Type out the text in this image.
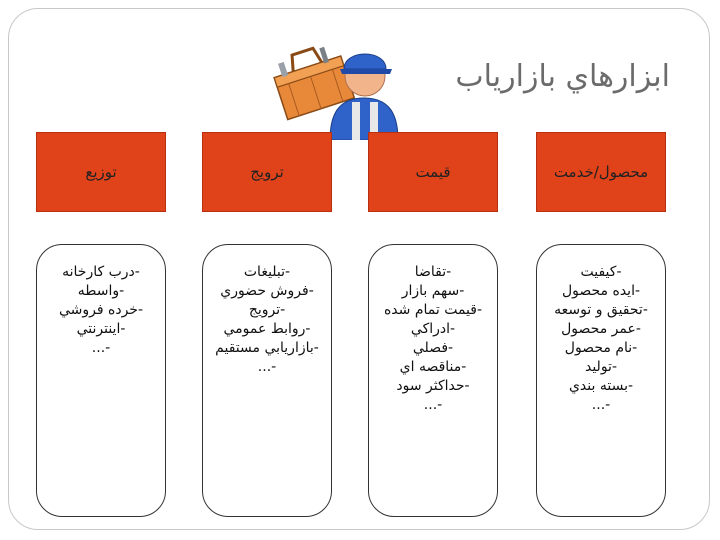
ابزارهاي بازارياب
توزيع	ترويج	قيمت	محصول/خدمت
-درب كارخانه
-واسطه
-خرده فروشي
-اينترنتي
-...
-تبليغات
-فروش حضوري
-ترويج
-روابط عمومي
-بازاريابي مستقيم
-...
-تقاضا
-سهم بازار
-قيمت تمام شده
-ادراكي
-فصلي
-مناقصه اي
-حداكثر سود
-...
-كيفيت
-ايده محصول
-تحقيق و توسعه
-عمر محصول
-نام محصول
-توليد
-بسته بندي
-...
